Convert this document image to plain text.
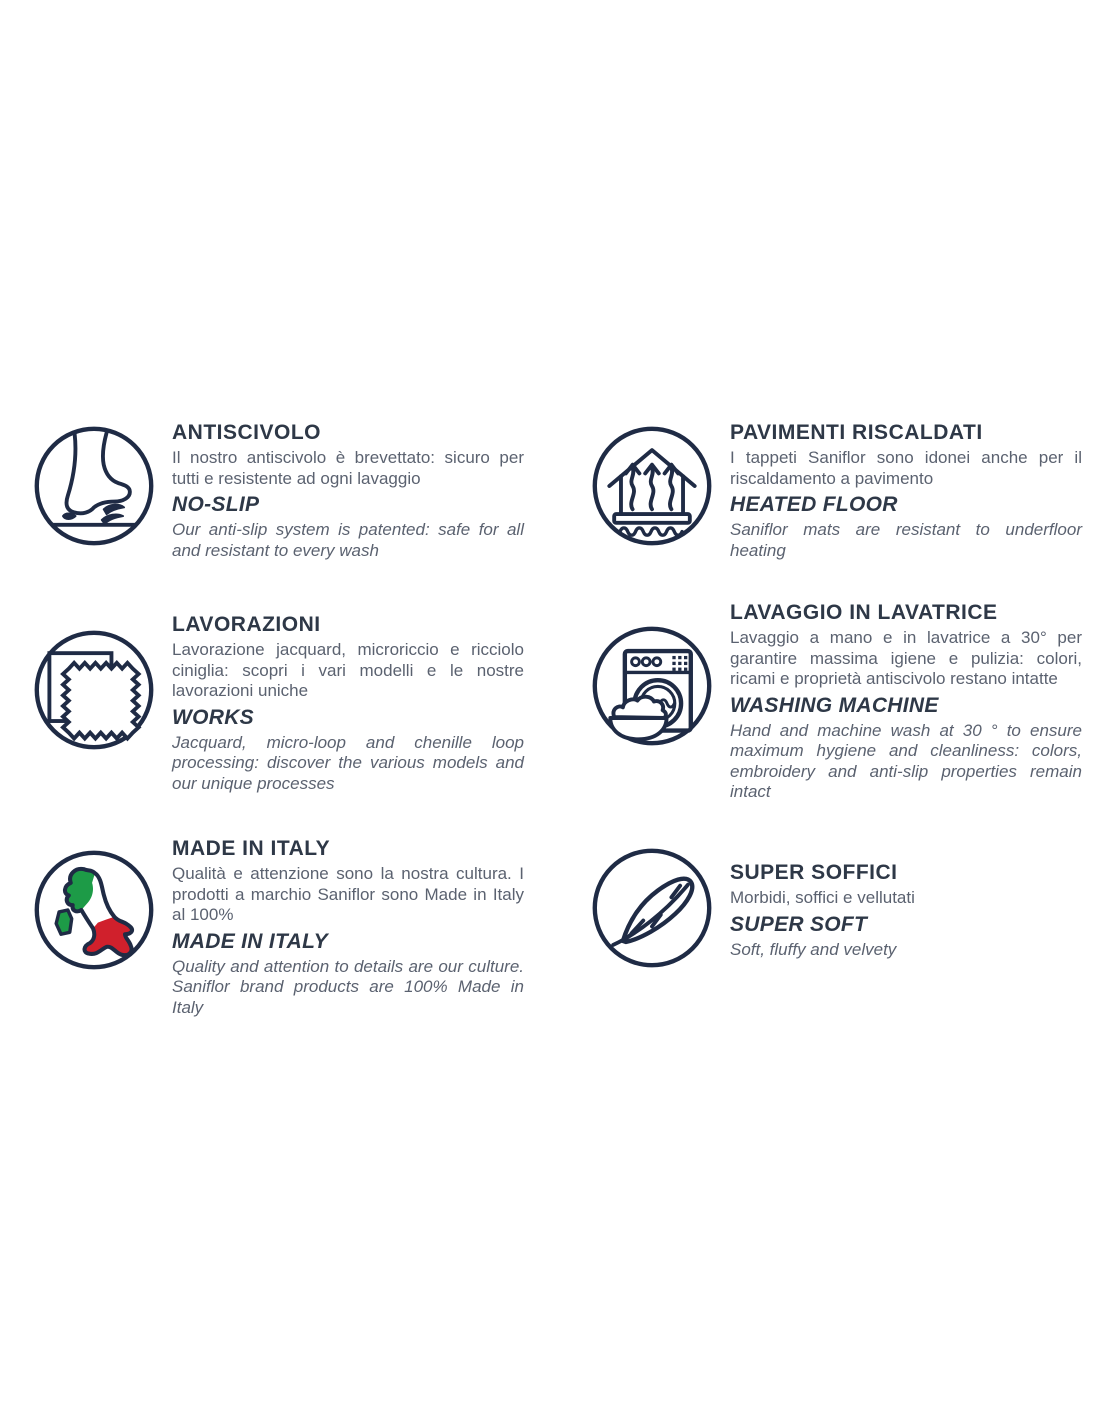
ANTISCIVOLO

Il nostro antiscivolo è brevettato: sicuro per tutti e resistente ad ogni lavaggio

NO-SLIP

Our anti-slip system is patented: safe for all and resistant to every wash

PAVIMENTI RISCALDATI

I tappeti Saniflor sono idonei anche per il riscaldamento a pavimento

HEATED FLOOR

Saniflor mats are resistant to underfloor heating

LAVORAZIONI

Lavorazione jacquard, microriccio e ricciolo ciniglia: scopri i vari modelli e le nostre lavorazioni uniche

WORKS

Jacquard, micro-loop and chenille loop processing: discover the various models and our unique processes

LAVAGGIO IN LAVATRICE

Lavaggio a mano e in lavatrice a 30° per garantire massima igiene e pulizia: colori, ricami e proprietà antiscivolo restano intatte

WASHING MACHINE

Hand and machine wash at 30 ° to ensure maximum hygiene and cleanliness: colors, embroidery and anti-slip properties remain intact

MADE IN ITALY

Qualità e attenzione sono la nostra cultura. I prodotti a marchio Saniflor sono Made in Italy al 100%

MADE IN ITALY

Quality and attention to details are our culture. Saniflor brand products are 100% Made in Italy

SUPER SOFFICI

Morbidi, soffici e vellutati

SUPER SOFT

Soft, fluffy and velvety
